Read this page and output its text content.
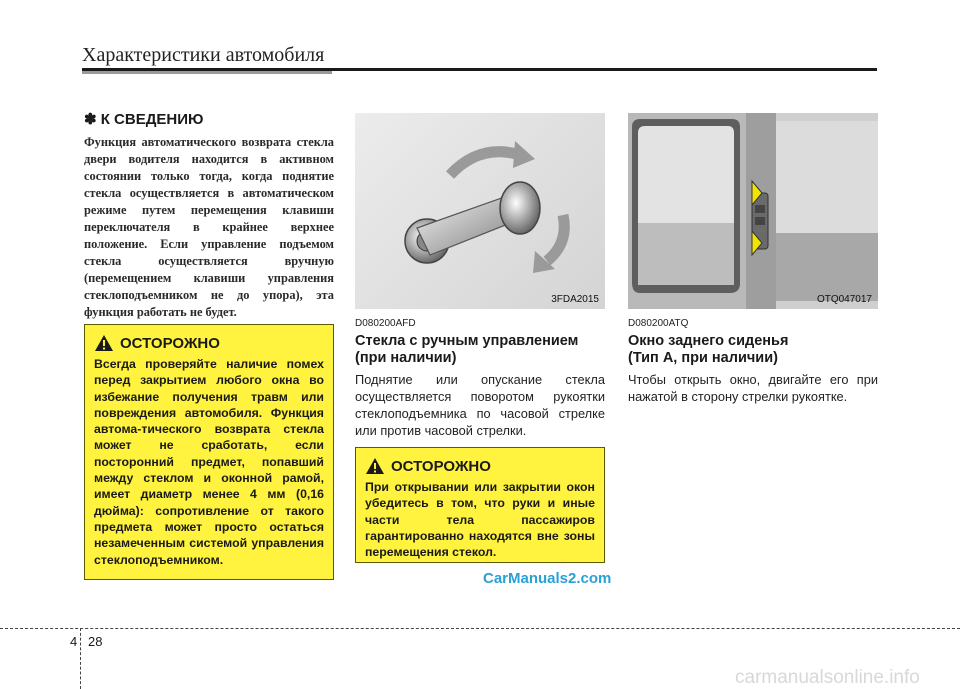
Характеристики автомобиля
✽ К СВЕДЕНИЮ

Функция автоматического возврата стекла двери водителя находится в активном состоянии только тогда, когда поднятие стекла осуществляется в автоматическом режиме путем перемещения клавиши переключателя в крайнее верхнее положение. Если управление подъемом стекла осуществляется вручную (перемещением клавиши управления стеклоподъемником не до упора), эта функция работать не будет.

ОСТОРОЖНО

Всегда проверяйте наличие помех перед закрытием любого окна во избежание получения травм или повреждения автомобиля. Функция автома-тического возврата стекла может не сработать, если посторонний предмет, попавший между стеклом и оконной рамой, имеет диаметр менее 4 мм (0,16 дюйма): сопротивление от такого предмета может просто остаться незамеченным системой управления стеклоподъемником.

3FDA2015	OTQ047017
D080200AFD
Стекла с ручным управлением
(при наличии)

Поднятие или опускание стекла осуществляется поворотом рукоятки стеклоподъемника по часовой стрелке или против часовой стрелки.

ОСТОРОЖНО

При открывании или закрытии окон убедитесь в том, что руки и иные части тела пассажиров гарантированно находятся вне зоны перемещения стекол.

D080200ATQ
Окно заднего сиденья
(Тип А, при наличии)

Чтобы открыть окно, двигайте его при нажатой в сторону стрелки рукоятке.

CarManuals2.com
4 28
carmanualsonline.info
